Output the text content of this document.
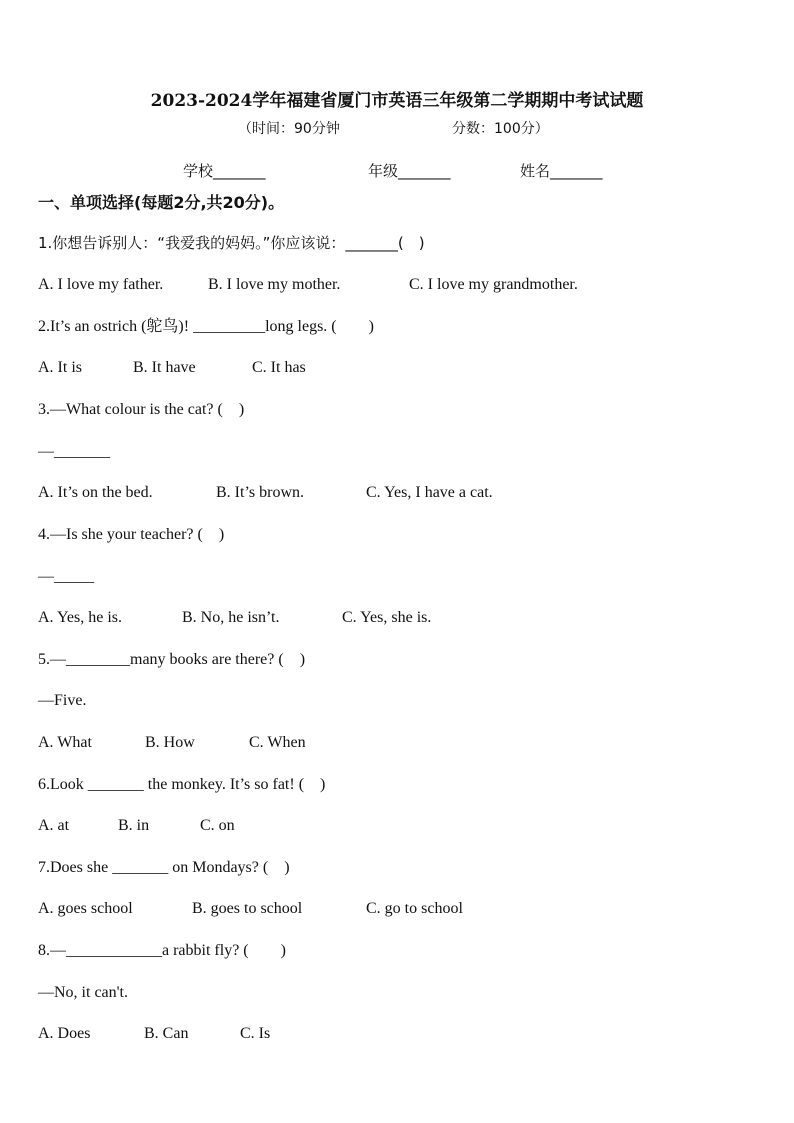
2023-2024学年福建省厦门市英语三年级第二学期期中考试试题
（时间：90分钟	分数：100分）
学校_______	年级_______	姓名_______
一、单项选择(每题2分,共20分)。
1.你想告诉别人：“我爱我的妈妈。”你应该说：_______(　)
A. I love my father.	B. I love my mother.	C. I love my grandmother.
2.It’s an ostrich (鸵鸟)! _________long legs. (　　)
A. It is	B. It have	C. It has
3.—What colour is the cat? (　)
—_______
A. It’s on the bed.	B. It’s brown.	C. Yes, I have a cat.
4.—Is she your teacher? (　)
—_____
A. Yes, he is.	B. No, he isn’t.	C. Yes, she is.
5.—________many books are there? (　)
—Five.
A. What	B. How	C. When
6.Look _______ the monkey. It’s so fat! (　)
A. at	B. in	C. on
7.Does she _______ on Mondays? (　)
A. goes school	B. goes to school	C. go to school
8.—____________a rabbit fly? (　　)
—No, it can't.
A. Does	B. Can	C. Is
